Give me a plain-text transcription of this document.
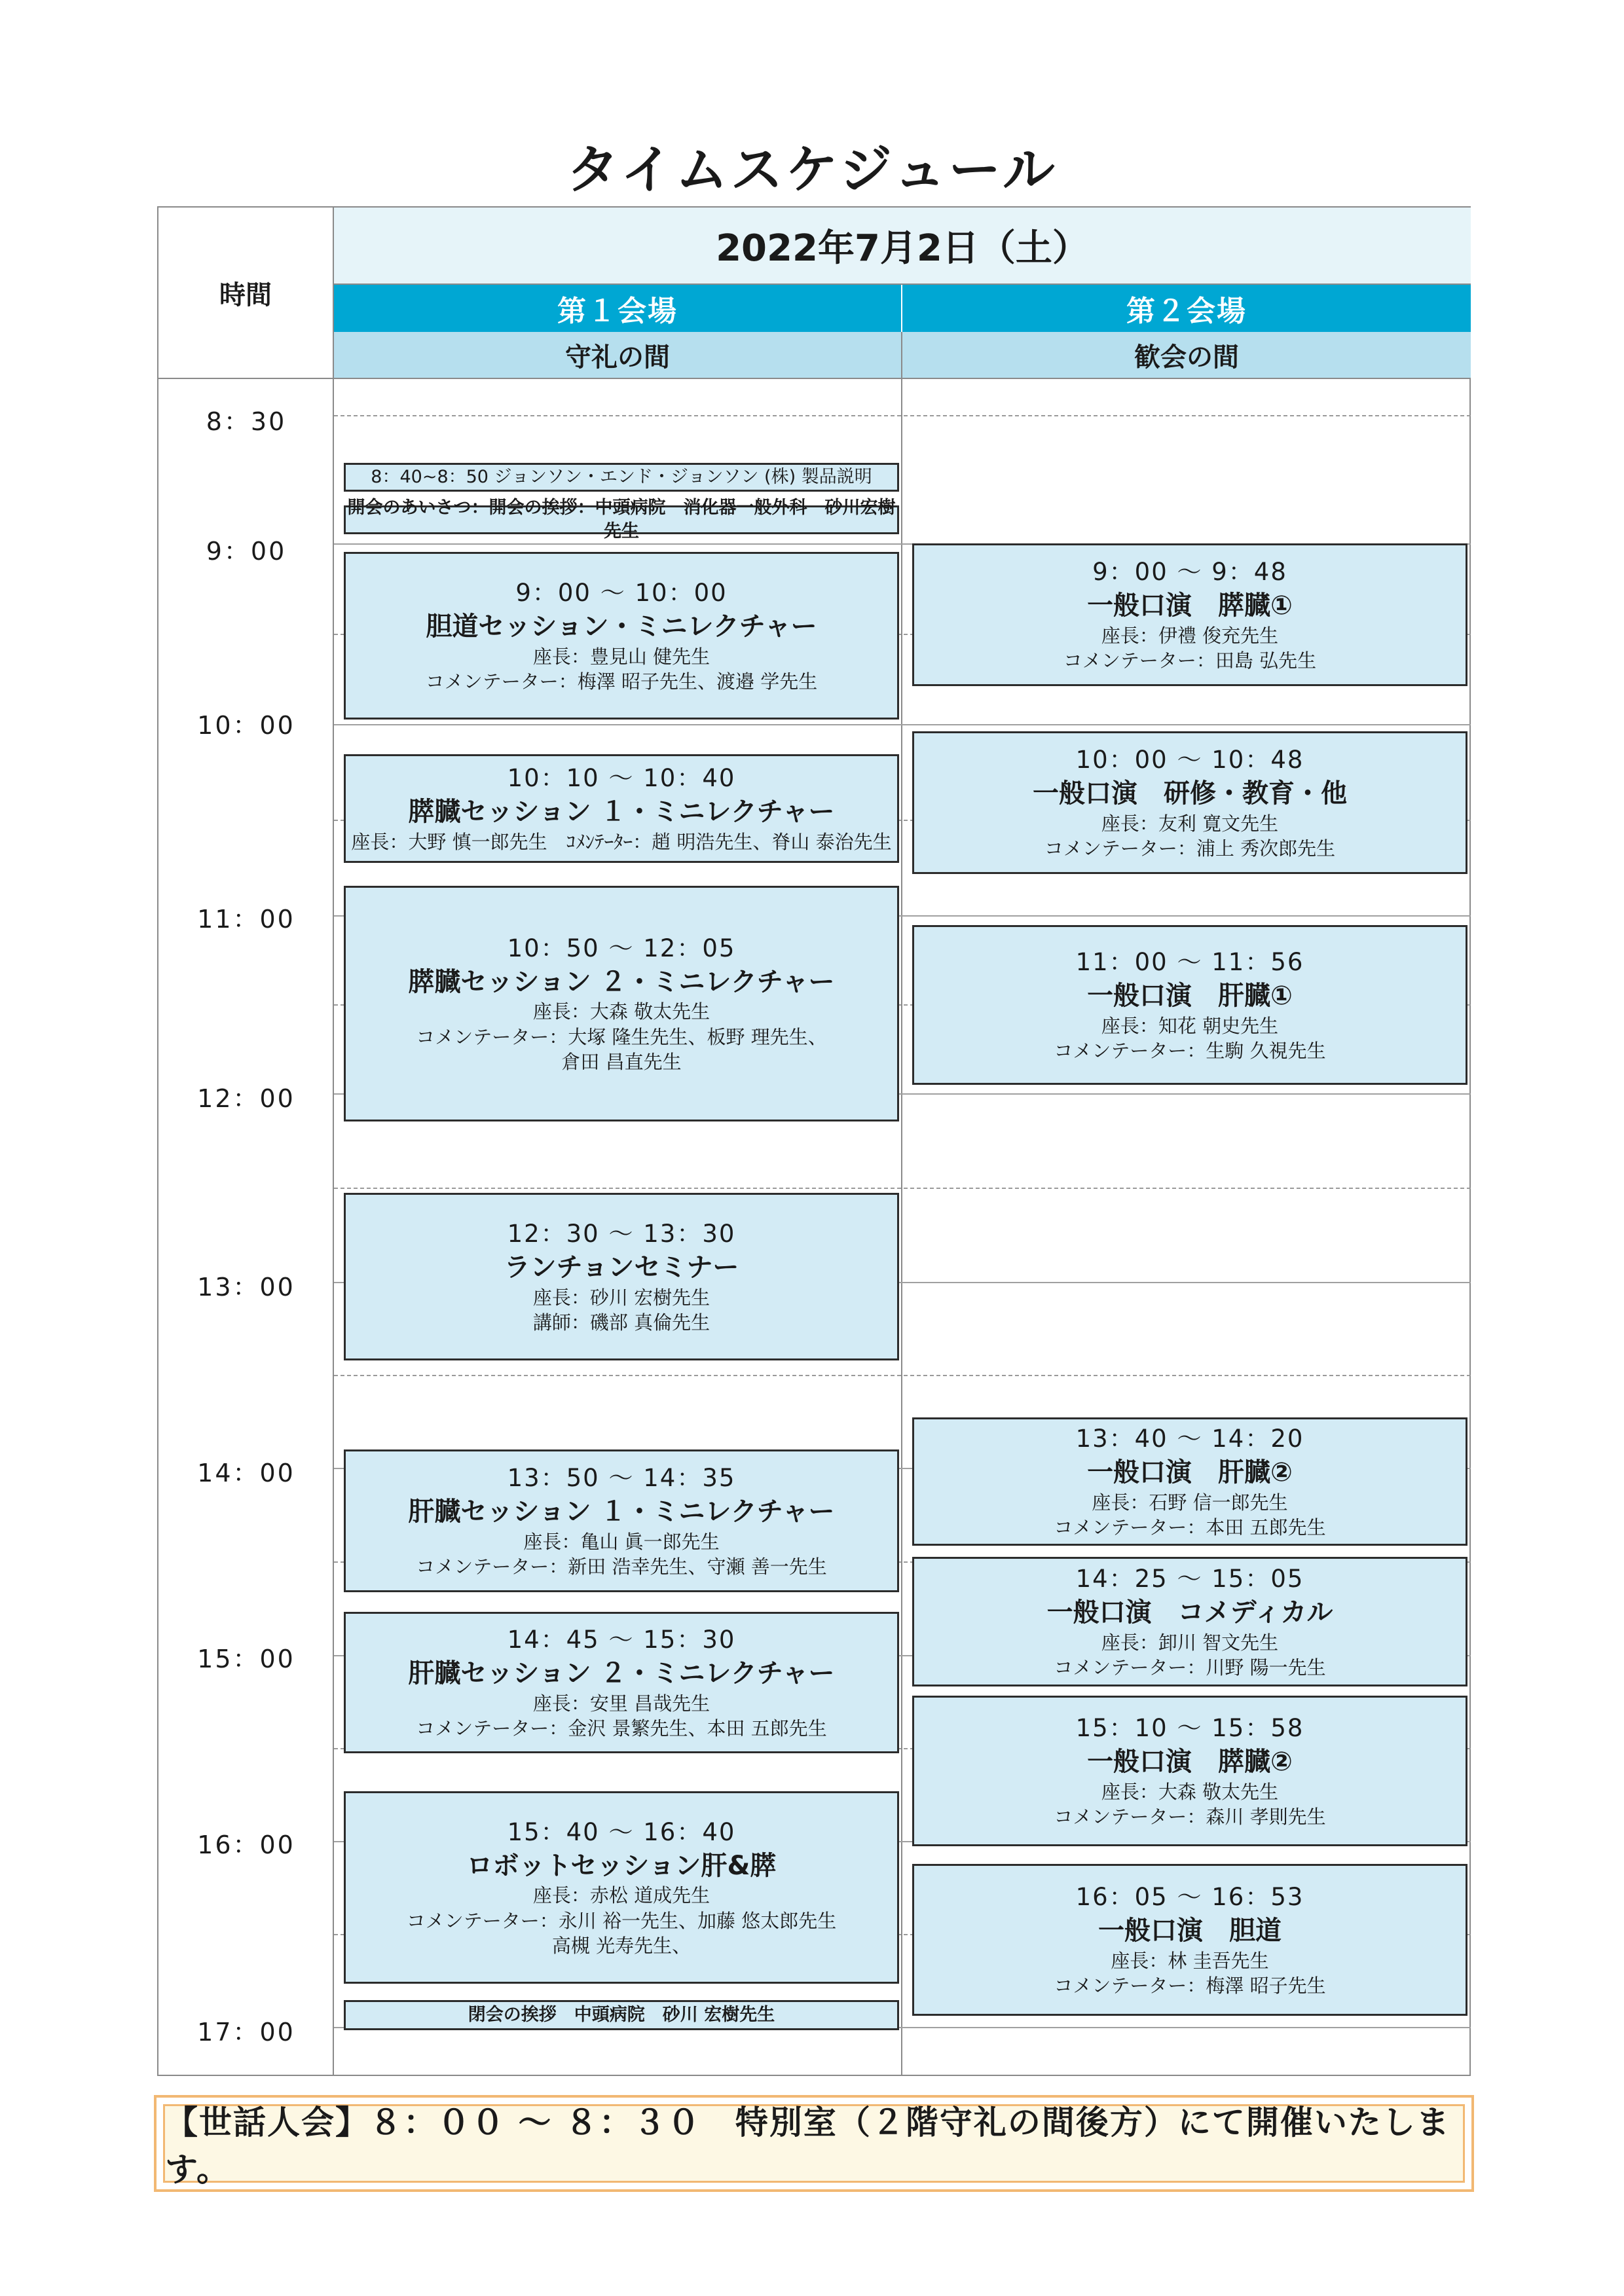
タイムスケジュール
時間
2022年7月2日（土）
第１会場	第２会場
守礼の間	歓会の間
8：30
9：00
10：00
11：00
12：00
13：00
14：00
15：00
16：00
17：00
8：40~8：50 ジョンソン・エンド・ジョンソン (株) 製品説明
開会のあいさつ：開会の挨拶：中頭病院　消化器一般外科　砂川宏樹先生
9：00 ～ 10：00
胆道セッション・ミニレクチャー
座長：豊見山 健先生
コメンテーター：梅澤 昭子先生、渡邉 学先生
10：10 ～ 10：40
膵臓セッション １・ミニレクチャー
座長：大野 慎一郎先生　ｺﾒﾝﾃｰﾀｰ：趙 明浩先生、脊山 泰治先生
10：50 ～ 12：05
膵臓セッション ２・ミニレクチャー
座長：大森 敬太先生
コメンテーター：大塚 隆生先生、板野 理先生、
倉田 昌直先生
12：30 ～ 13：30
ランチョンセミナー
座長：砂川 宏樹先生
講師：磯部 真倫先生
13：50 ～ 14：35
肝臓セッション １・ミニレクチャー
座長：亀山 眞一郎先生
コメンテーター：新田 浩幸先生、守瀬 善一先生
14：45 ～ 15：30
肝臓セッション ２・ミニレクチャー
座長：安里 昌哉先生
コメンテーター：金沢 景繁先生、本田 五郎先生
15：40 ～ 16：40
ロボットセッション肝&膵
座長：赤松 道成先生
コメンテーター：永川 裕一先生、加藤 悠太郎先生
高槻 光寿先生、
閉会の挨拶　中頭病院　砂川 宏樹先生
9：00 ～ 9：48
一般口演　膵臓①
座長：伊禮 俊充先生
コメンテーター：田島 弘先生
10：00 ～ 10：48
一般口演　研修・教育・他
座長：友利 寛文先生
コメンテーター：浦上 秀次郎先生
11：00 ～ 11：56
一般口演　肝臓①
座長：知花 朝史先生
コメンテーター：生駒 久視先生
13：40 ～ 14：20
一般口演　肝臓②
座長：石野 信一郎先生
コメンテーター：本田 五郎先生
14：25 ～ 15：05
一般口演　コメディカル
座長：卸川 智文先生
コメンテーター：川野 陽一先生
15：10 ～ 15：58
一般口演　膵臓②
座長：大森 敬太先生
コメンテーター：森川 孝則先生
16：05 ～ 16：53
一般口演　胆道
座長：林 圭吾先生
コメンテーター：梅澤 昭子先生
【世話人会】８：００ ～ ８：３０　特別室（２階守礼の間後方）にて開催いたします。
